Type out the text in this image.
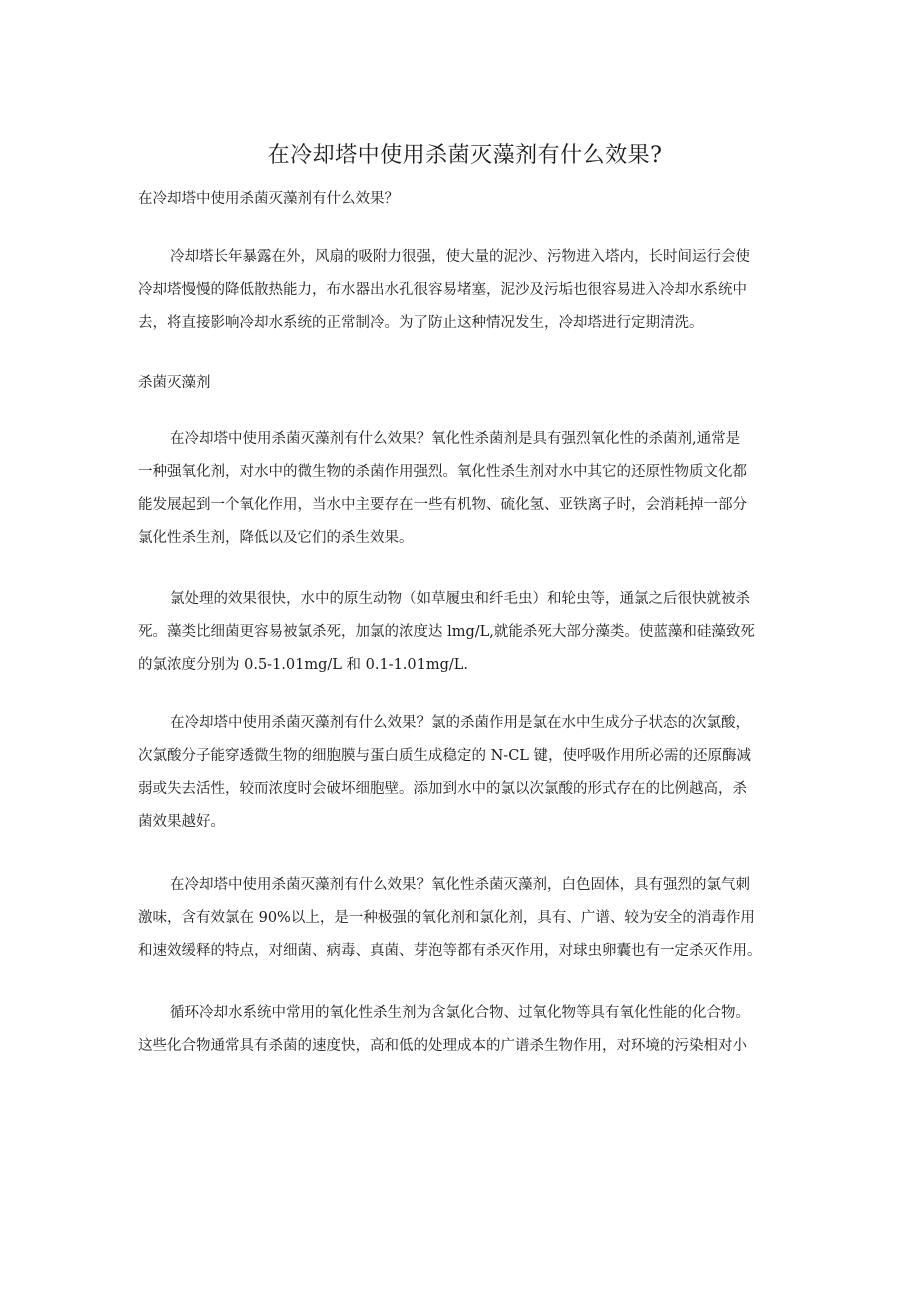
在冷却塔中使用杀菌灭藻剂有什么效果?

在冷却塔中使用杀菌灭藻剂有什么效果？

冷却塔长年暴露在外，风扇的吸附力很强，使大量的泥沙、污物进入塔内，长时间运行会使
冷却塔慢慢的降低散热能力，布水器出水孔很容易堵塞，泥沙及污垢也很容易进入冷却水系统中
去，将直接影响冷却水系统的正常制冷。为了防止这种情况发生，冷却塔进行定期清洗。

杀菌灭藻剂

在冷却塔中使用杀菌灭藻剂有什么效果？氧化性杀菌剂是具有强烈氧化性的杀菌剂,通常是
一种强氧化剂，对水中的微生物的杀菌作用强烈。氧化性杀生剂对水中其它的还原性物质文化都
能发展起到一个氧化作用，当水中主要存在一些有机物、硫化氢、亚铁离子时，会消耗掉一部分
氯化性杀生剂，降低以及它们的杀生效果。
氯处理的效果很快，水中的原生动物（如草履虫和纤毛虫）和轮虫等，通氯之后很快就被杀
死。藻类比细菌更容易被氯杀死，加氯的浓度达 lmg/L,就能杀死大部分藻类。使蓝藻和硅藻致死
的氯浓度分别为 0.5-1.01mg/L 和 0.1-1.01mg/L.
在冷却塔中使用杀菌灭藻剂有什么效果？氯的杀菌作用是氯在水中生成分子状态的次氯酸，
次氯酸分子能穿透微生物的细胞膜与蛋白质生成稳定的 N-CL 键，使呼吸作用所必需的还原酶减
弱或失去活性，较而浓度时会破坏细胞壁。添加到水中的氯以次氯酸的形式存在的比例越高，杀
菌效果越好。
在冷却塔中使用杀菌灭藻剂有什么效果？氧化性杀菌灭藻剂，白色固体，具有强烈的氯气刺
激味，含有效氯在 90%以上，是一种极强的氧化剂和氯化剂，具有、广谱、较为安全的消毒作用
和速效缓释的特点，对细菌、病毒、真菌、芽泡等都有杀灭作用，对球虫卵囊也有一定杀灭作用。
循环冷却水系统中常用的氧化性杀生剂为含氯化合物、过氧化物等具有氧化性能的化合物。
这些化合物通常具有杀菌的速度快，高和低的处理成本的广谱杀生物作用，对环境的污染相对小
